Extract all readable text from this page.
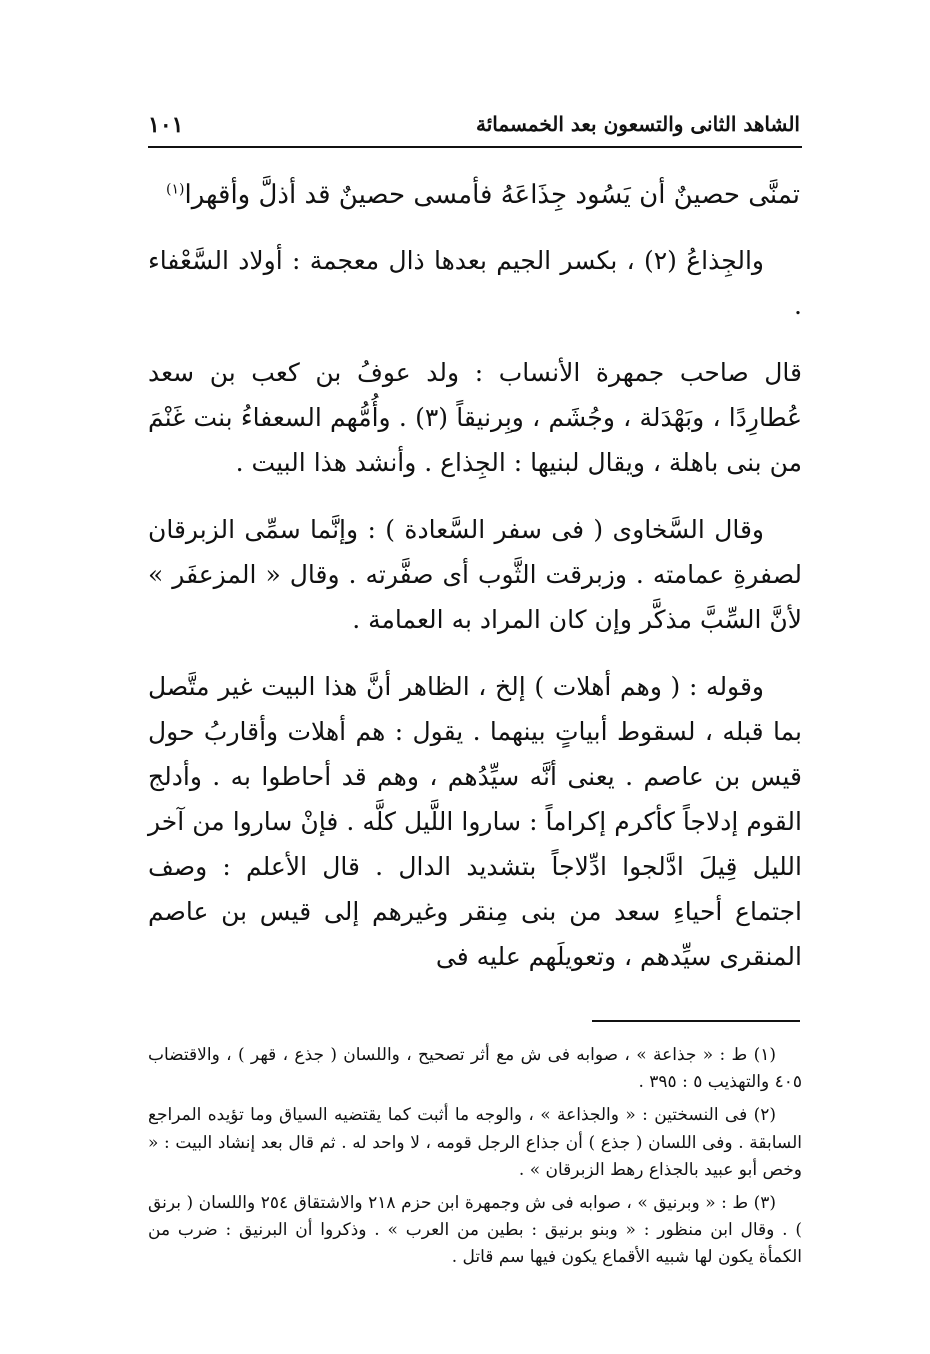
الشاهد الثانى والتسعون بعد الخمسمائة
١٠١
تمنَّى حصينٌ أن يَسُود جِذَاعَهُ
فأمسى حصينٌ قد أذلَّ وأقهرا$^{(١)}$

والجِذاعُ (٢) ، بكسر الجيم بعدها ذال معجمة : أولاد السَّعْفاء .

قال صاحب جمهرة الأنساب : ولد عوفُ بن كعب بن سعد عُطارِدًا ، وبَهْدَلة ، وجُشَم ، وبِرنيقاً (٣) . وأُمُّهم السعفاءُ بنت غَنْمَ من بنى باهلة ، ويقال لبنيها : الجِذاع . وأنشد هذا البيت .

وقال السَّخاوى ( فى سفر السَّعادة ) : وإنَّما سمِّى الزبرقان لصفرةِ عمامته . وزبرقت الثَّوب أى صفَّرته . وقال « المزعفَر » لأنَّ السِّبَّ مذكَّر وإن كان المراد به العمامة .

وقوله : ( وهم أهلات ) إلخ ، الظاهر أنَّ هذا البيت غير متَّصل بما قبله ، لسقوط أبياتٍ بينهما . يقول : هم أهلات وأقاربُ حول قيس بن عاصم . يعنى أنَّه سيِّدُهم ، وهم قد أحاطوا به . وأدلج القوم إدلاجاً كأكرم إكراماً : ساروا اللَّيل كلَّه . فإنْ ساروا من آخر الليل قِيلَ ادَّلجوا ادِّلاجاً بتشديد الدال . قال الأعلم : وصف اجتماع أحياءِ سعد من بنى مِنقر وغيرهم إلى قيس بن عاصم المنقرى سيِّدهم ، وتعويلَهم عليه فى

(١) ط : « جذاعة » ، صوابه فى ش مع أثر تصحيح ، واللسان ( جذع ، قهر ) ، والاقتضاب ٤٠٥ والتهذيب ٥ : ٣٩٥ .

(٢) فى النسختين : « والجذاعة » ، والوجه ما أثبت كما يقتضيه السياق وما تؤيده المراجع السابقة . وفى اللسان ( جذع ) أن جذاع الرجل قومه ، لا واحد له . ثم قال بعد إنشاد البيت : « وخص أبو عبيد بالجذاع رهط الزبرقان » .

(٣) ط : « وبرنيق » ، صوابه فى ش وجمهرة ابن حزم ٢١٨ والاشتقاق ٢٥٤ واللسان ( برنق ) . وقال ابن منظور : « وبنو برنيق : بطين من العرب » . وذكروا أن البرنيق : ضرب من الكمأة يكون لها شبيه الأقماع يكون فيها سم قاتل .
